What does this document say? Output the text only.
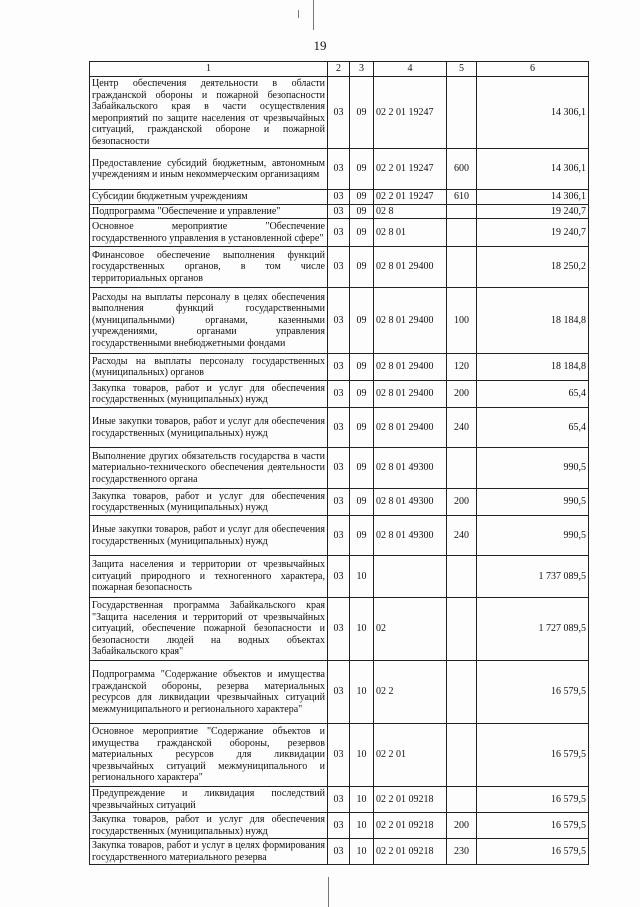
19
1	2	3	4	5	6
Центр обеспечения деятельности в области гражданской обороны и пожарной безопасности Забайкальского края в части осуществления мероприятий по защите населения от чрезвычайных ситуаций, гражданской обороне и пожарной безопасности	03	09	02 2 01 19247		14 306,1
Предоставление субсидий бюджетным, автономным учреждениям и иным некоммерческим организациям	03	09	02 2 01 19247	600	14 306,1
Субсидии бюджетным учреждениям	03	09	02 2 01 19247	610	14 306,1
Подпрограмма "Обеспечение и управление"	03	09	02 8		19 240,7
Основное мероприятие "Обеспечение государственного управления в установленной сфере"	03	09	02 8 01		19 240,7
Финансовое обеспечение выполнения функций государственных органов, в том числе территориальных органов	03	09	02 8 01 29400		18 250,2
Расходы на выплаты персоналу в целях обеспечения выполнения функций государственными (муниципальными) органами, казенными учреждениями, органами управления государственными внебюджетными фондами	03	09	02 8 01 29400	100	18 184,8
Расходы на выплаты персоналу государственных (муниципальных) органов	03	09	02 8 01 29400	120	18 184,8
Закупка товаров, работ и услуг для обеспечения государственных (муниципальных) нужд	03	09	02 8 01 29400	200	65,4
Иные закупки товаров, работ и услуг для обеспечения государственных (муниципальных) нужд	03	09	02 8 01 29400	240	65,4
Выполнение других обязательств государства в части материально-технического обеспечения деятельности государственного органа	03	09	02 8 01 49300		990,5
Закупка товаров, работ и услуг для обеспечения государственных (муниципальных) нужд	03	09	02 8 01 49300	200	990,5
Иные закупки товаров, работ и услуг для обеспечения государственных (муниципальных) нужд	03	09	02 8 01 49300	240	990,5
Защита населения и территории от чрезвычайных ситуаций природного и техногенного характера, пожарная безопасность	03	10			1 737 089,5
Государственная программа Забайкальского края "Защита населения и территорий от чрезвычайных ситуаций, обеспечение пожарной безопасности и безопасности людей на водных объектах Забайкальского края"	03	10	02		1 727 089,5
Подпрограмма "Содержание объектов и имущества гражданской обороны, резерва материальных ресурсов для ликвидации чрезвычайных ситуаций межмуниципального и регионального характера"	03	10	02 2		16 579,5
Основное мероприятие "Содержание объектов и имущества гражданской обороны, резервов материальных ресурсов для ликвидации чрезвычайных ситуаций межмуниципального и регионального характера"	03	10	02 2 01		16 579,5
Предупреждение и ликвидация последствий чрезвычайных ситуаций	03	10	02 2 01 09218		16 579,5
Закупка товаров, работ и услуг для обеспечения государственных (муниципальных) нужд	03	10	02 2 01 09218	200	16 579,5
Закупка товаров, работ и услуг в целях формирования государственного материального резерва	03	10	02 2 01 09218	230	16 579,5
